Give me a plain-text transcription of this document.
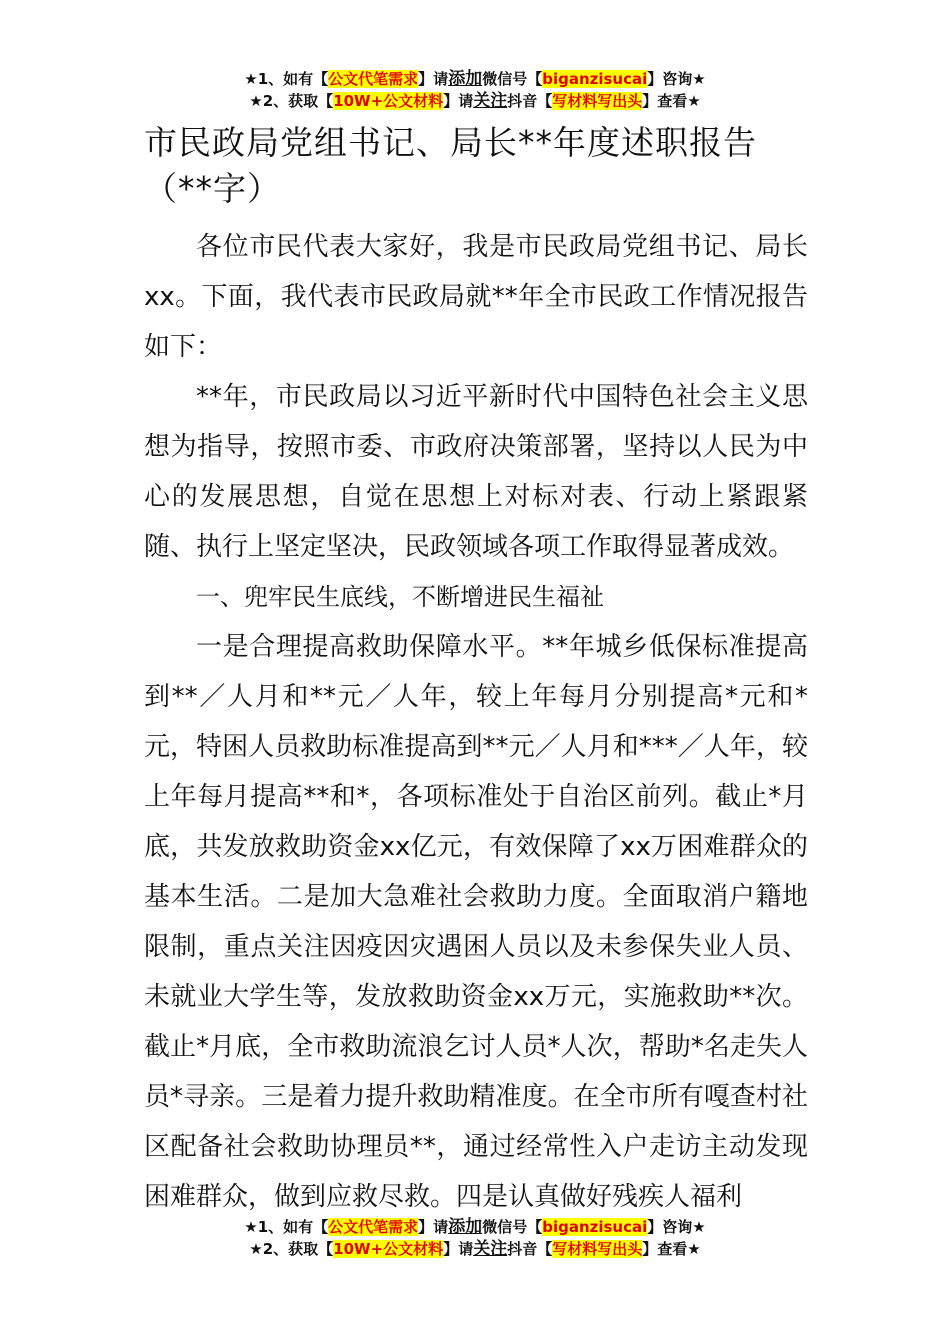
★1、如有【公文代笔需求】请添加微信号【biganzisucai】咨询★
★2、获取【10W+公文材料】请关注抖音【写材料写出头】查看★
市民政局党组书记、局长**年度述职报告（**字）

各位市民代表大家好，我是市民政局党组书记、局长xx。下面，我代表市民政局就**年全市民政工作情况报告如下：

**年，市民政局以习近平新时代中国特色社会主义思想为指导，按照市委、市政府决策部署，坚持以人民为中心的发展思想，自觉在思想上对标对表、行动上紧跟紧随、执行上坚定坚决，民政领域各项工作取得显著成效。

一、兜牢民生底线，不断增进民生福祉

一是合理提高救助保障水平。**年城乡低保标准提高到**／人月和**元／人年，较上年每月分别提高*元和*元，特困人员救助标准提高到**元／人月和***／人年，较上年每月提高**和*，各项标准处于自治区前列。截止*月底，共发放救助资金xx亿元，有效保障了xx万困难群众的基本生活。二是加大急难社会救助力度。全面取消户籍地限制，重点关注因疫因灾遇困人员以及未参保失业人员、未就业大学生等，发放救助资金xx万元，实施救助**次。截止*月底，全市救助流浪乞讨人员*人次，帮助*名走失人员*寻亲。三是着力提升救助精准度。在全市所有嘎查村社区配备社会救助协理员**，通过经常性入户走访主动发现困难群众，做到应救尽救。四是认真做好残疾人福利

★1、如有【公文代笔需求】请添加微信号【biganzisucai】咨询★
★2、获取【10W+公文材料】请关注抖音【写材料写出头】查看★
